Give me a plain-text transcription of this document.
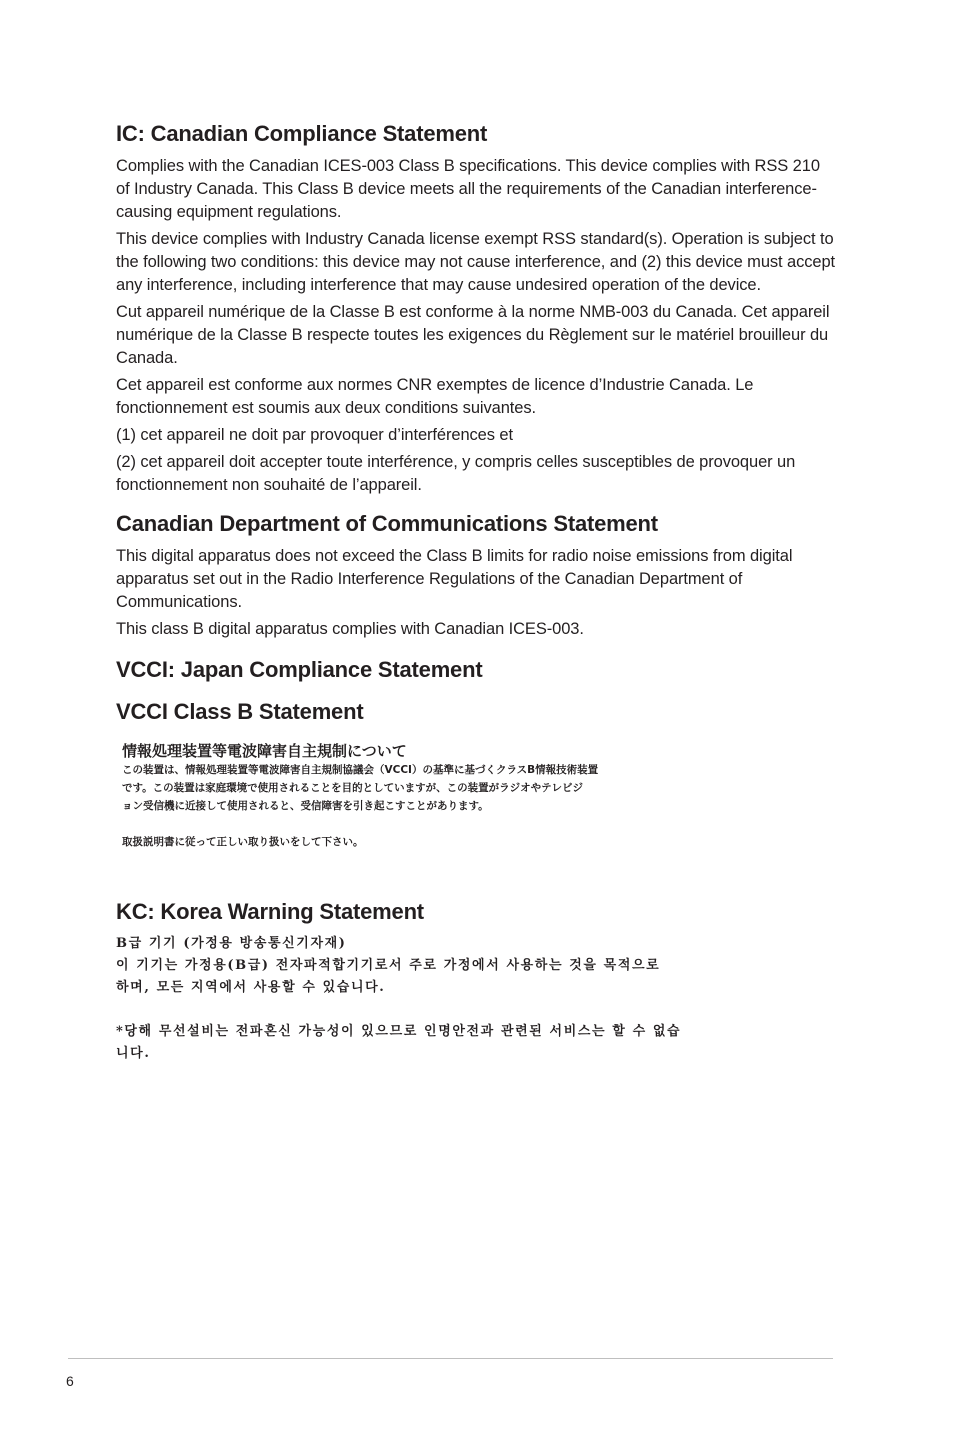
IC: Canadian Compliance Statement

Complies with the Canadian ICES-003 Class B specifications. This device complies with RSS 210 of Industry Canada. This Class B device meets all the requirements of the Canadian interference-causing equipment regulations.

This device complies with Industry Canada license exempt RSS standard(s). Operation is subject to the following two conditions: this device may not cause interference, and (2) this device must accept any interference, including interference that may cause undesired operation of the device.

Cut appareil numérique de la Classe B est conforme à la norme NMB-003 du Canada. Cet appareil numérique de la Classe B respecte toutes les exigences du Règlement sur le matériel brouilleur du Canada.

Cet appareil est conforme aux normes CNR exemptes de licence d’Industrie Canada. Le fonctionnement est soumis aux deux conditions suivantes.

(1) cet appareil ne doit par provoquer d’interférences et

(2) cet appareil doit accepter toute interférence, y compris celles susceptibles de provoquer un fonctionnement non souhaité de l’appareil.

Canadian Department of Communications Statement

This digital apparatus does not exceed the Class B limits for radio noise emissions from digital apparatus set out in the Radio Interference Regulations of the Canadian Department of Communications.

This class B digital apparatus complies with Canadian ICES-003.

VCCI: Japan Compliance Statement
VCCI Class B Statement
情報処理装置等電波障害自主規制について
この装置は、情報処理装置等電波障害自主規制協議会（VCCI）の基準に基づくクラスB情報技術装置
です。この装置は家庭環境で使用されることを目的としていますが、この装置がラジオやテレビジ
ョン受信機に近接して使用されると、受信障害を引き起こすことがあります。
取扱説明書に従って正しい取り扱いをして下さい。
KC: Korea Warning Statement
B급 기기 (가정용 방송통신기자재)
이 기기는 가정용(B급) 전자파적합기기로서 주로 가정에서 사용하는 것을 목적으로
하며, 모든 지역에서 사용할 수 있습니다.
*당해 무선설비는 전파혼신 가능성이 있으므로 인명안전과 관련된 서비스는 할 수 없습
니다.
6
